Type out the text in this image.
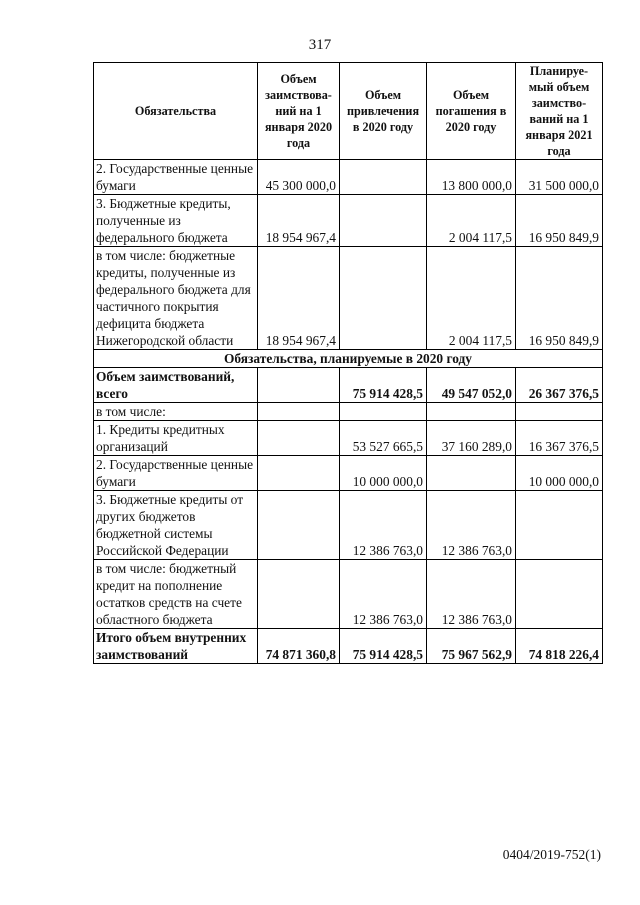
317
Обязательства	Объем заимствова-ний на 1 января 2020 года	Объем привлечения в 2020 году	Объем погашения в 2020 году	Планируе-мый объем заимство-ваний на 1 января 2021 года
2. Государственные ценные бумаги	45 300 000,0		13 800 000,0	31 500 000,0
3. Бюджетные кредиты, полученные из федерального бюджета	18 954 967,4		2 004 117,5	16 950 849,9
в том числе: бюджетные кредиты, полученные из федерального бюджета для частичного покрытия дефицита бюджета Нижегородской области	18 954 967,4		2 004 117,5	16 950 849,9
Обязательства, планируемые в 2020 году				
Объем заимствований, всего		75 914 428,5	49 547 052,0	26 367 376,5
в том числе:				
1. Кредиты кредитных организаций		53 527 665,5	37 160 289,0	16 367 376,5
2. Государственные ценные бумаги		10 000 000,0		10 000 000,0
3. Бюджетные кредиты от других бюджетов бюджетной системы Российской Федерации		12 386 763,0	12 386 763,0	
в том числе: бюджетный кредит на пополнение остатков средств на счете областного бюджета		12 386 763,0	12 386 763,0	
Итого объем внутренних заимствований	74 871 360,8	75 914 428,5	75 967 562,9	74 818 226,4
0404/2019-752(1)
